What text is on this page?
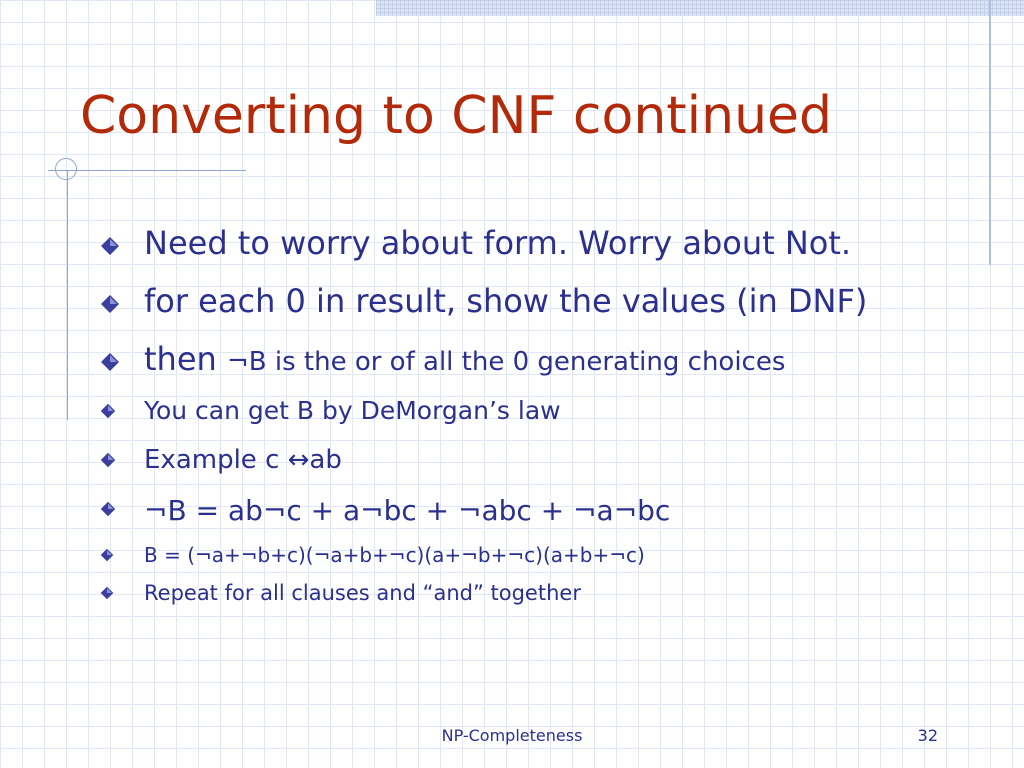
Converting to CNF continued
Need to worry about form. Worry about Not.
for each 0 in result, show the values (in DNF)
then ¬B is the or of all the 0 generating choices
You can get B by DeMorgan’s law
Example c ↔ab
¬B = ab¬c + a¬bc + ¬abc + ¬a¬bc
B = (¬a+¬b+c)(¬a+b+¬c)(a+¬b+¬c)(a+b+¬c)
Repeat for all clauses and “and” together
NP-Completeness	32
